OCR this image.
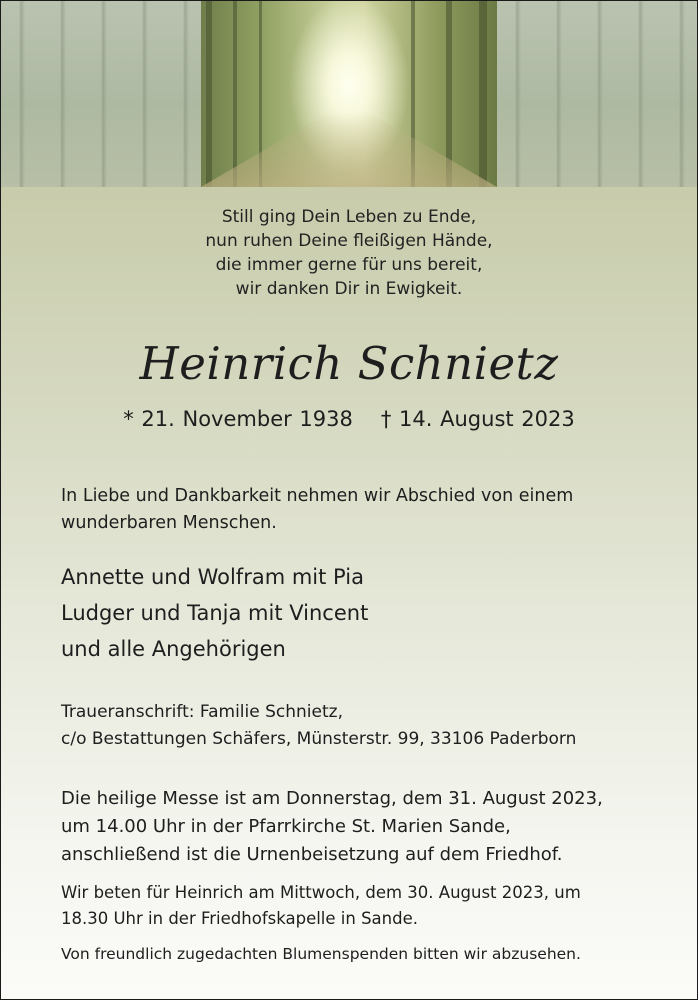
Still ging Dein Leben zu Ende,
nun ruhen Deine fleißigen Hände,
die immer gerne für uns bereit,
wir danken Dir in Ewigkeit.
Heinrich Schnietz
* 21. November 1938 † 14. August 2023
In Liebe und Dankbarkeit nehmen wir Abschied von einem
wunderbaren Menschen.
Annette und Wolfram mit Pia
Ludger und Tanja mit Vincent
und alle Angehörigen
Traueranschrift: Familie Schnietz,
c/o Bestattungen Schäfers, Münsterstr. 99, 33106 Paderborn
Die heilige Messe ist am Donnerstag, dem 31. August 2023,
um 14.00 Uhr in der Pfarrkirche St. Marien Sande,
anschließend ist die Urnenbeisetzung auf dem Friedhof.
Wir beten für Heinrich am Mittwoch, dem 30. August 2023, um
18.30 Uhr in der Friedhofskapelle in Sande.
Von freundlich zugedachten Blumenspenden bitten wir abzusehen.
